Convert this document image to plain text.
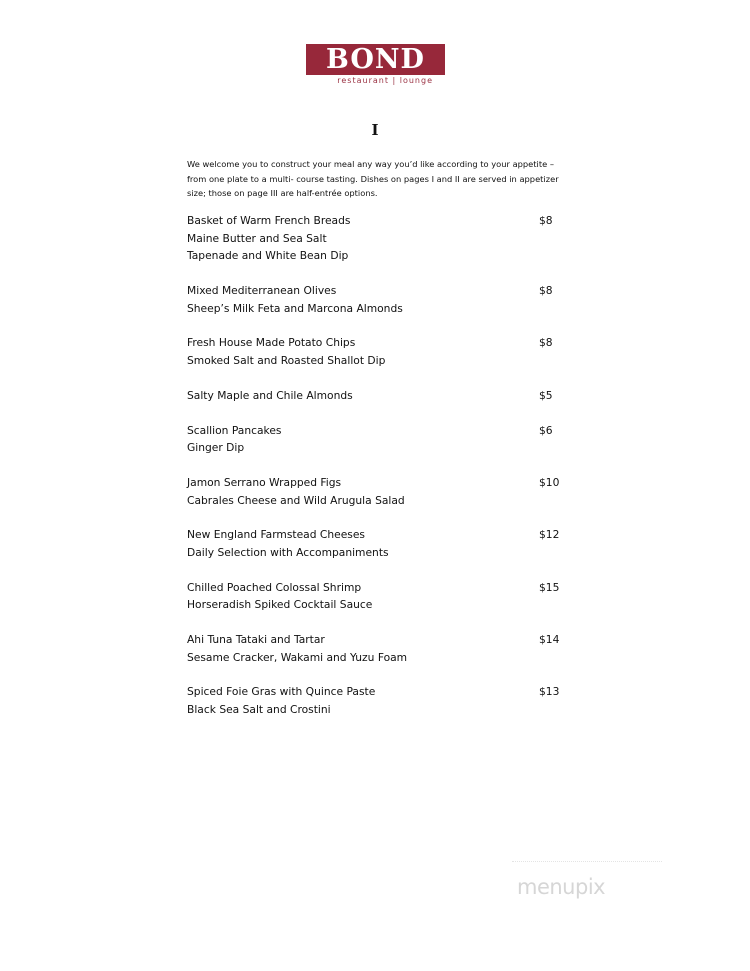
BOND
restaurant | lounge
I
We welcome you to construct your meal any way you’d like according to your appetite – from one plate to a multi- course tasting. Dishes on pages I and II are served in appetizer size; those on page III are half-entrée options.
Basket of Warm French Breads
Maine Butter and Sea Salt
Tapenade and White Bean Dip
$8
Mixed Mediterranean Olives
Sheep’s Milk Feta and Marcona Almonds
$8
Fresh House Made Potato Chips
Smoked Salt and Roasted Shallot Dip
$8
Salty Maple and Chile Almonds	$5
Scallion Pancakes
Ginger Dip
$6
Jamon Serrano Wrapped Figs
Cabrales Cheese and Wild Arugula Salad
$10
New England Farmstead Cheeses
Daily Selection with Accompaniments
$12
Chilled Poached Colossal Shrimp
Horseradish Spiked Cocktail Sauce
$15
Ahi Tuna Tataki and Tartar
Sesame Cracker, Wakami and Yuzu Foam
$14
Spiced Foie Gras with Quince Paste
Black Sea Salt and Crostini
$13
menupix
